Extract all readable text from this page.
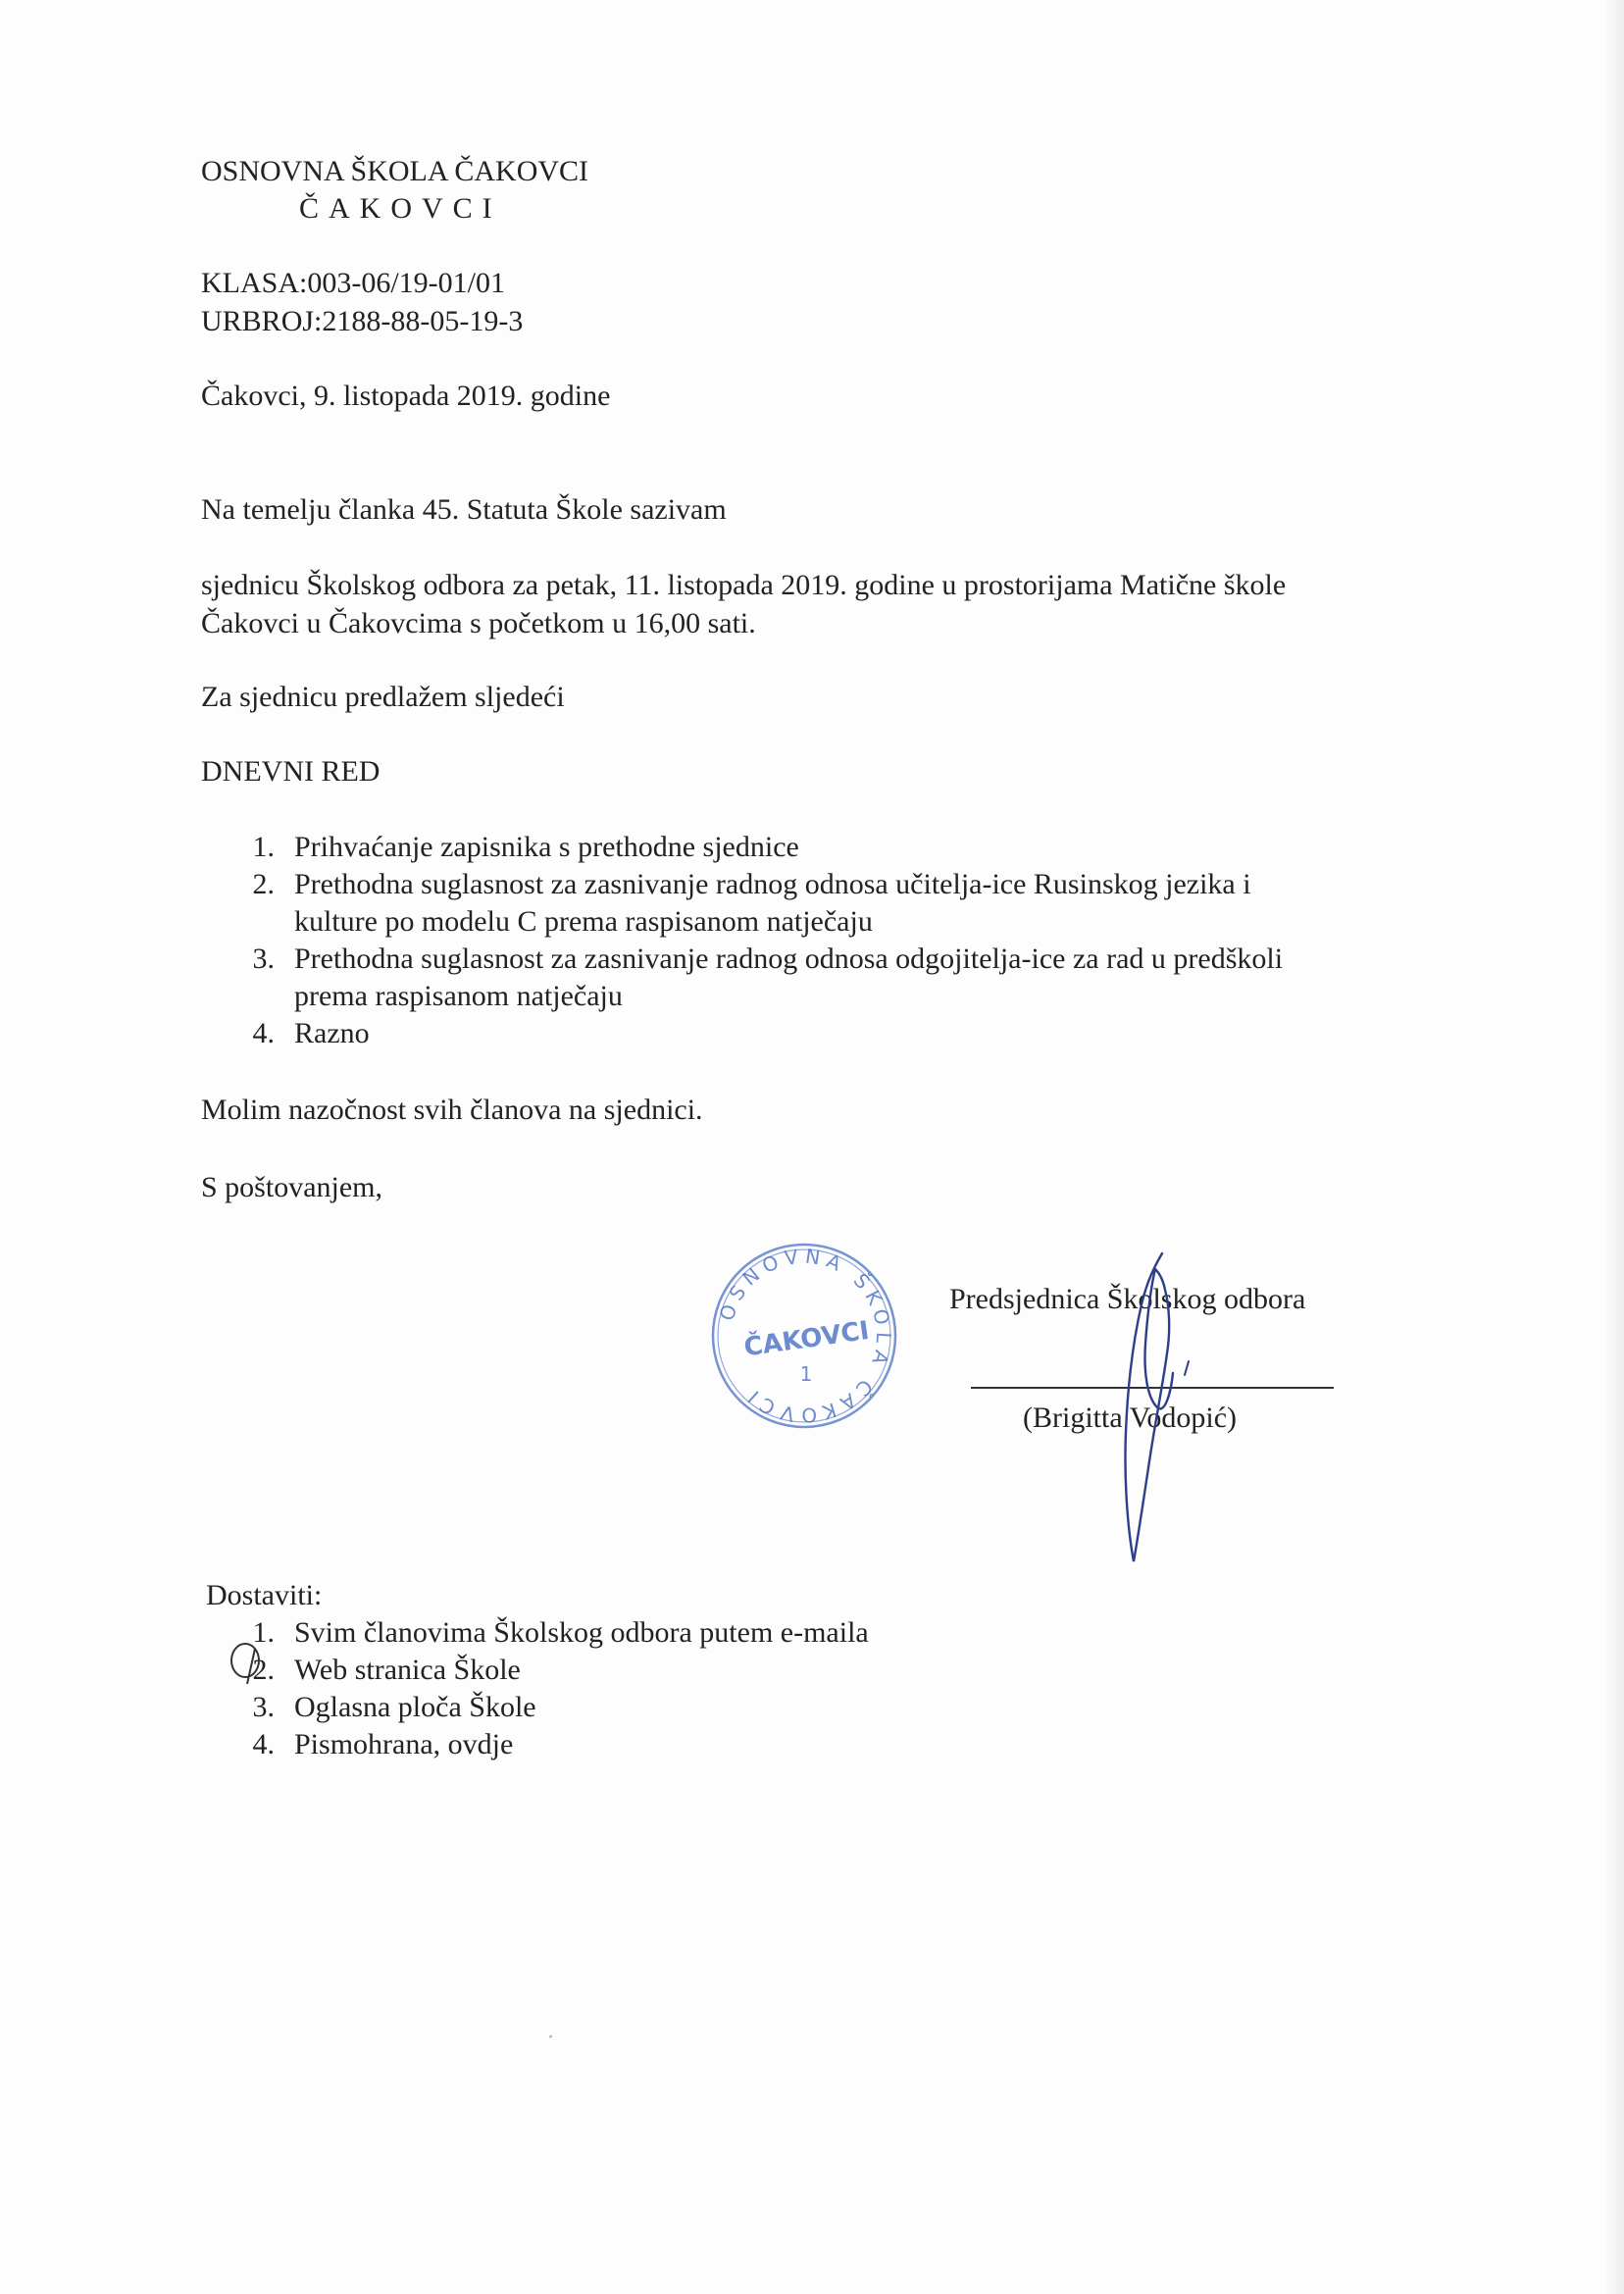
OSNOVNA ŠKOLA ČAKOVCI
ČAKOVCI
KLASA:003-06/19-01/01
URBROJ:2188-88-05-19-3
Čakovci, 9. listopada 2019. godine
Na temelju članka 45. Statuta Škole sazivam
sjednicu Školskog odbora za petak, 11. listopada 2019. godine u prostorijama Matične škole
Čakovci u Čakovcima s početkom u 16,00 sati.
Za sjednicu predlažem sljedeći
DNEVNI RED
1. Prihvaćanje zapisnika s prethodne sjednice
2. Prethodna suglasnost za zasnivanje radnog odnosa učitelja-ice Rusinskog jezika i
kulture po modelu C prema raspisanom natječaju
3. Prethodna suglasnost za zasnivanje radnog odnosa odgojitelja-ice za rad u predškoli
prema raspisanom natječaju
4. Razno
Molim nazočnost svih članova na sjednici.
S poštovanjem,
OSNOVNA ŠKOLA ČAKOVCI
ČAKOVCI
1
Predsjednica Školskog odbora
(Brigitta Vodopić)
Dostaviti:
1. Svim članovima Školskog odbora putem e-maila
2. Web stranica Škole
3. Oglasna ploča Škole
4. Pismohrana, ovdje
